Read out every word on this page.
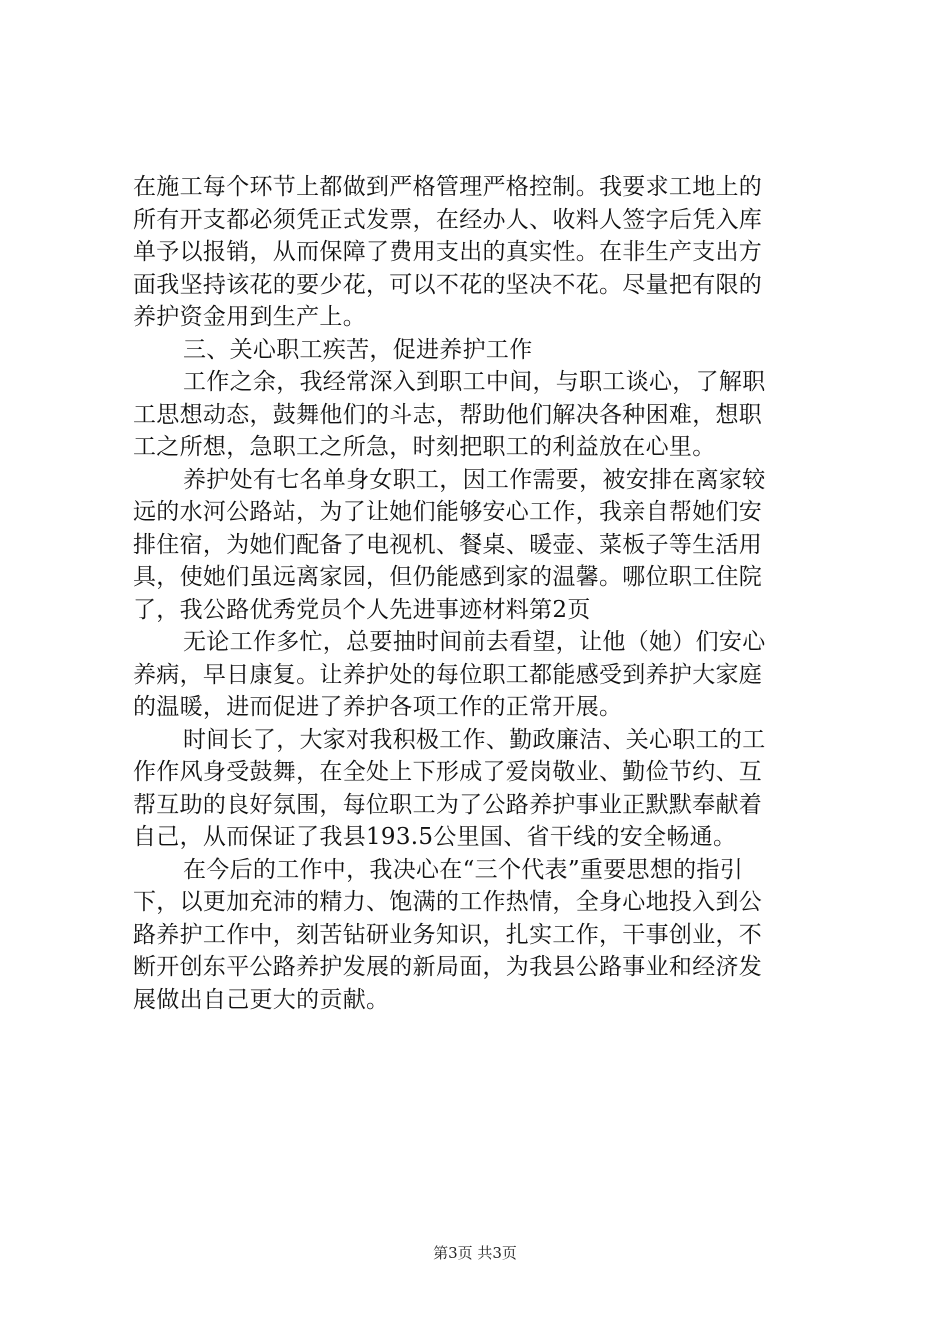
在施工每个环节上都做到严格管理严格控制。我要求工地上的
所有开支都必须凭正式发票，在经办人、收料人签字后凭入库
单予以报销，从而保障了费用支出的真实性。在非生产支出方
面我坚持该花的要少花，可以不花的坚决不花。尽量把有限的
养护资金用到生产上。
三、关心职工疾苦，促进养护工作
工作之余，我经常深入到职工中间，与职工谈心，了解职
工思想动态，鼓舞他们的斗志，帮助他们解决各种困难，想职
工之所想，急职工之所急，时刻把职工的利益放在心里。
养护处有七名单身女职工，因工作需要，被安排在离家较
远的水河公路站，为了让她们能够安心工作，我亲自帮她们安
排住宿，为她们配备了电视机、餐桌、暖壶、菜板子等生活用
具，使她们虽远离家园，但仍能感到家的温馨。哪位职工住院
了，我公路优秀党员个人先进事迹材料第2页
无论工作多忙，总要抽时间前去看望，让他（她）们安心
养病，早日康复。让养护处的每位职工都能感受到养护大家庭
的温暖，进而促进了养护各项工作的正常开展。
时间长了，大家对我积极工作、勤政廉洁、关心职工的工
作作风身受鼓舞，在全处上下形成了爱岗敬业、勤俭节约、互
帮互助的良好氛围，每位职工为了公路养护事业正默默奉献着
自己，从而保证了我县193.5公里国、省干线的安全畅通。
在今后的工作中，我决心在“三个代表”重要思想的指引
下，以更加充沛的精力、饱满的工作热情，全身心地投入到公
路养护工作中，刻苦钻研业务知识，扎实工作，干事创业，不
断开创东平公路养护发展的新局面，为我县公路事业和经济发
展做出自己更大的贡献。
第3页 共3页
